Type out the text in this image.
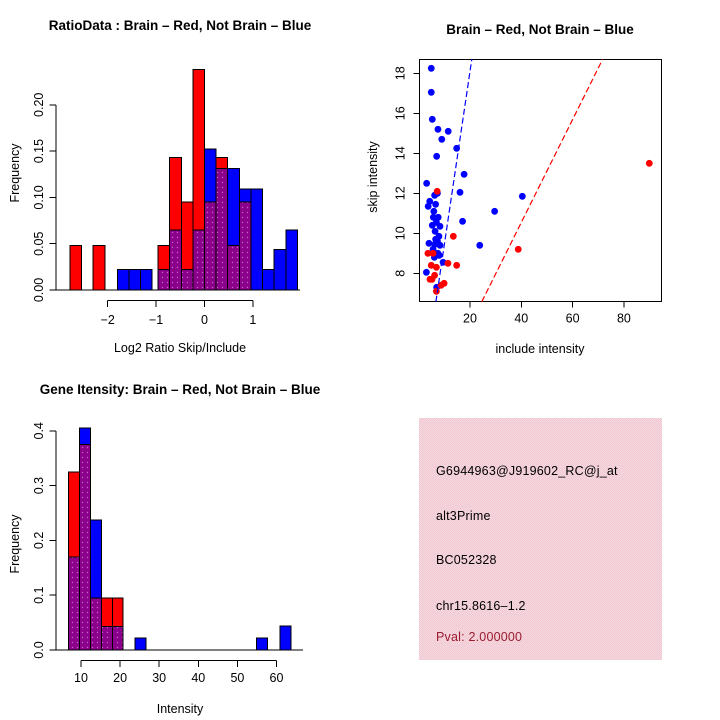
RatioData : Brain – Red, Not Brain – Blue
0.00
0.05
0.10
0.15
0.20
−2	−1	0	1
Frequency
Log2 Ratio Skip/Include
Brain – Red, Not Brain – Blue
20	40	60	80
8
10
12
14
16
18
skip intensity
include intensity
Gene Itensity: Brain – Red, Not Brain – Blue
0.0
0.1
0.2
0.3
0.4
10 20 30 40 50 60
Frequency
Intensity
G6944963@J919602_RC@j_at
alt3Prime
BC052328
chr15.8616–1.2
Pval: 2.000000
